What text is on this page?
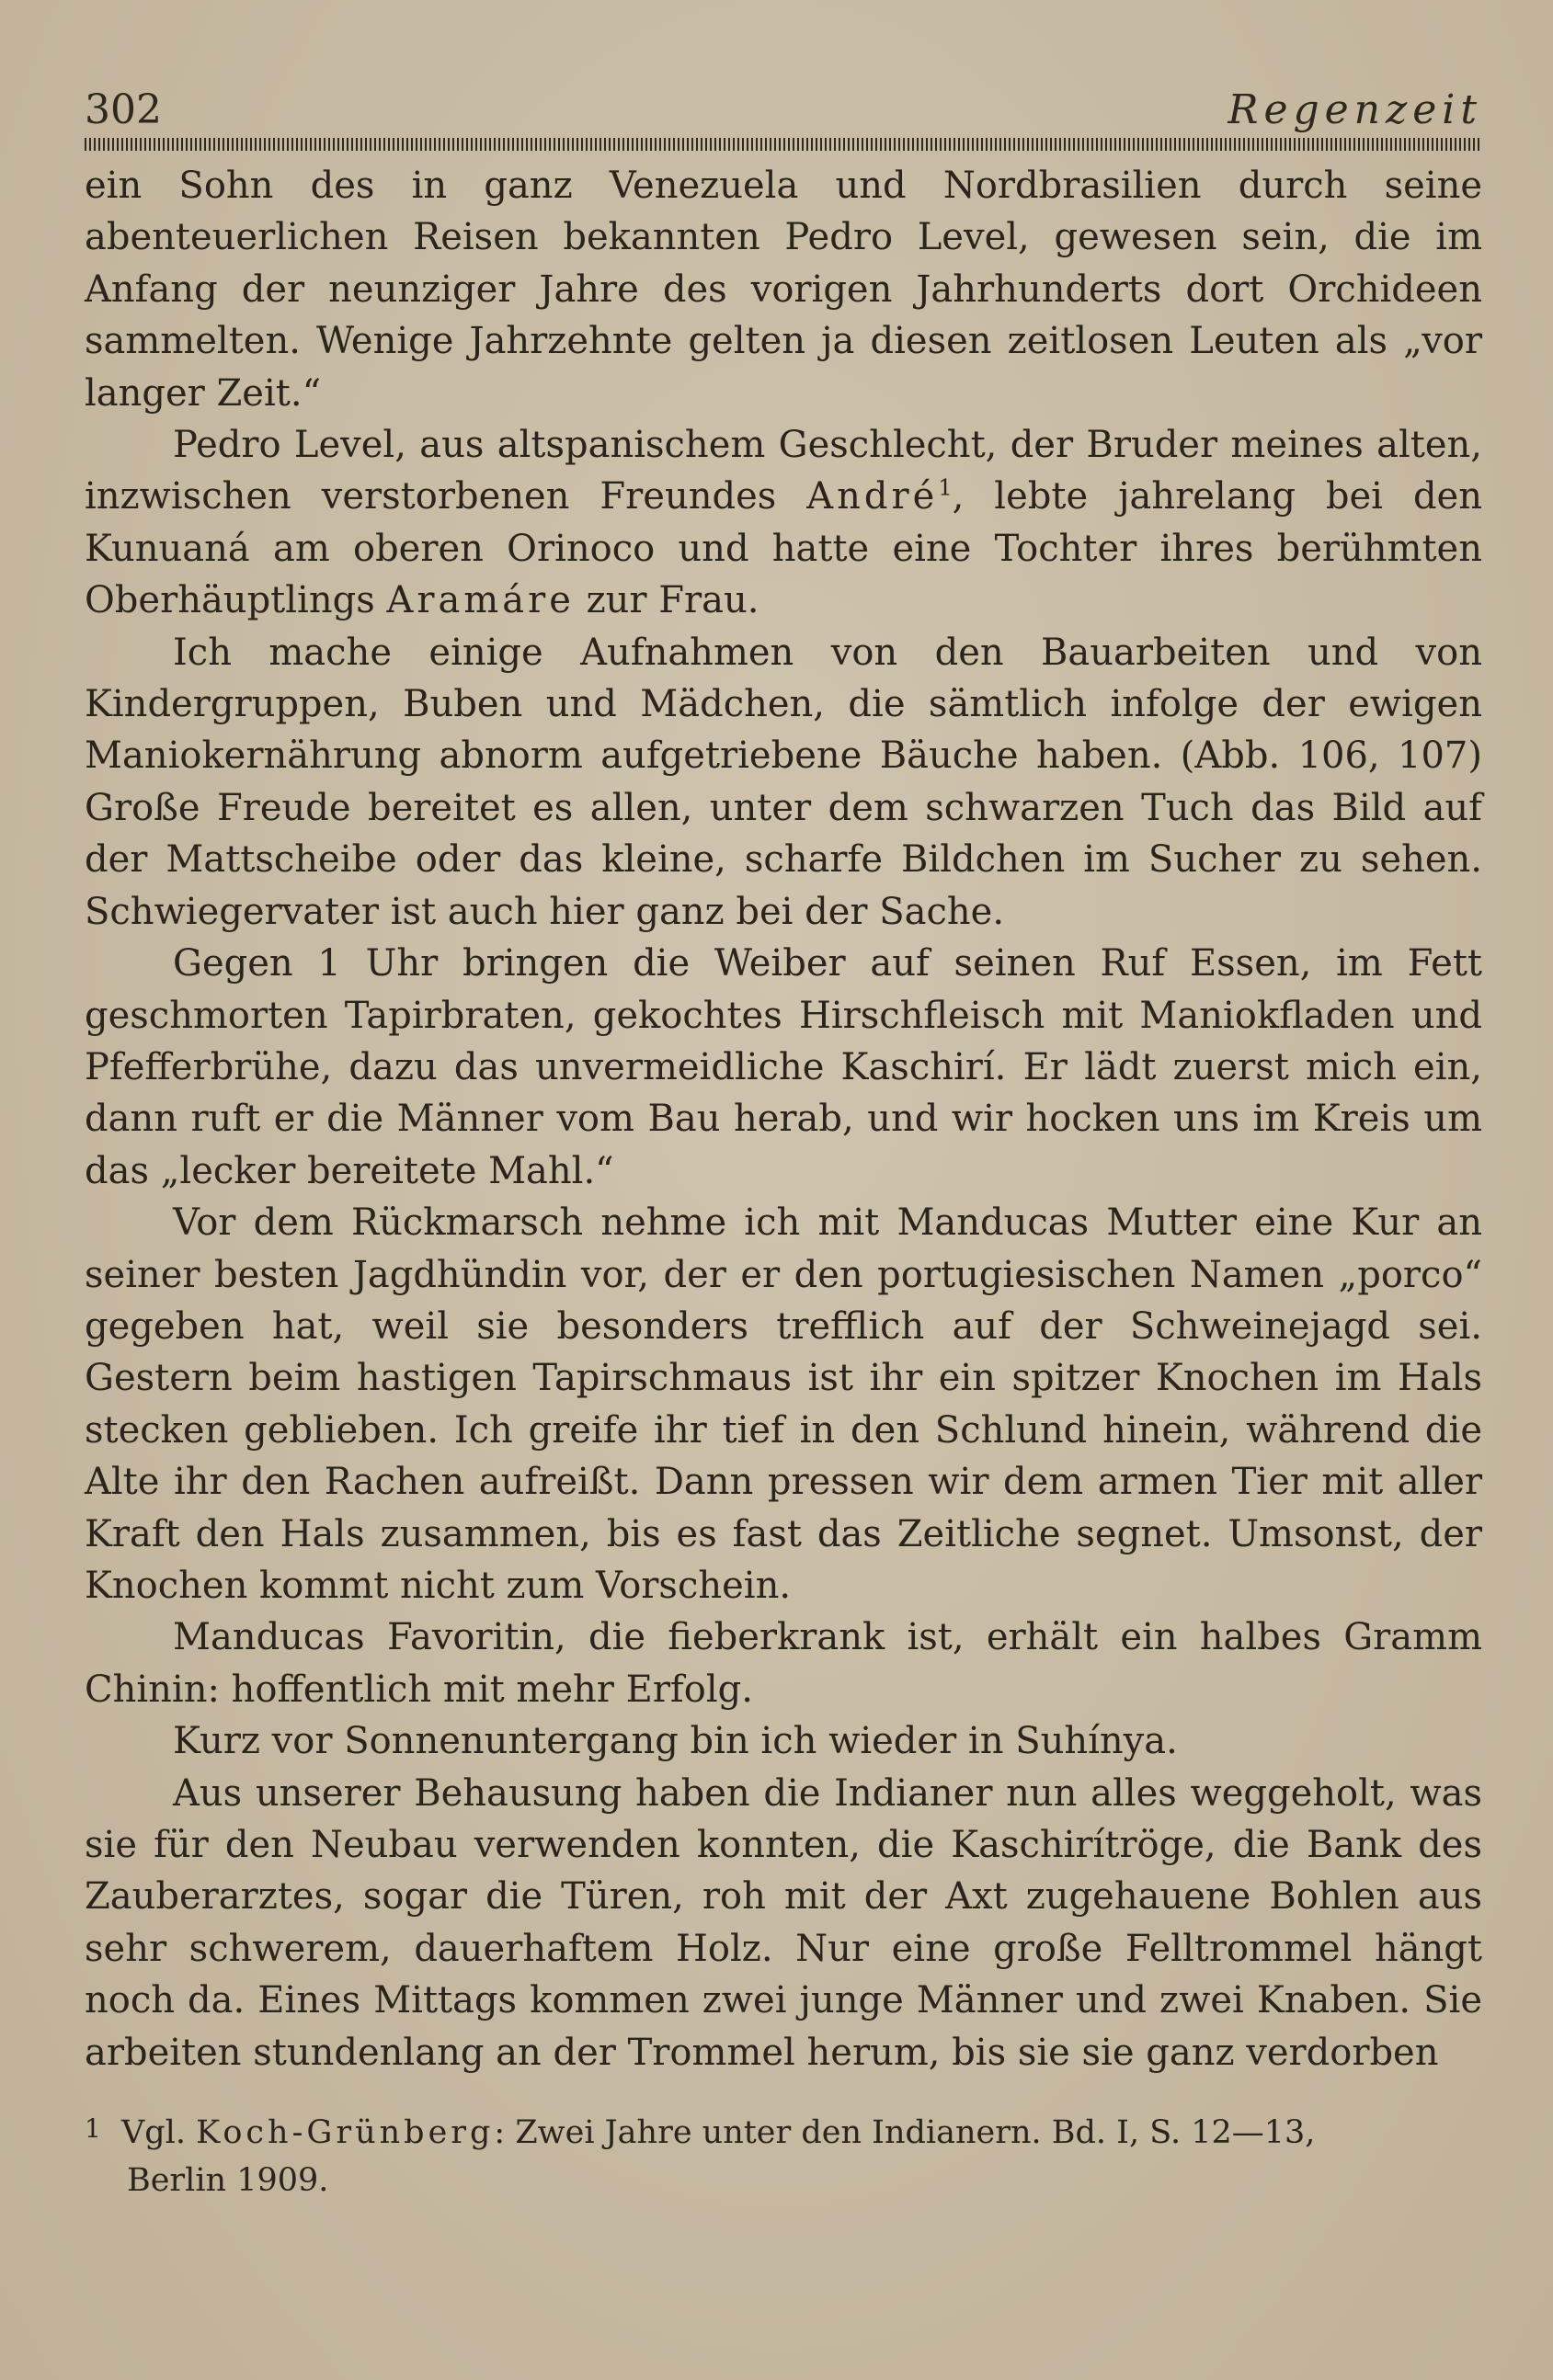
302	Regenzeit

ein Sohn des in ganz Venezuela und Nordbrasilien durch seine abenteuerlichen Reisen bekannten Pedro Level, gewesen sein, die im Anfang der neunziger Jahre des vorigen Jahrhunderts dort Orchideen sammelten. Wenige Jahrzehnte gelten ja diesen zeitlosen Leuten als „vor langer Zeit.“

Pedro Level, aus altspanischem Geschlecht, der Bruder meines alten, inzwischen verstorbenen Freundes André$^1$, lebte jahrelang bei den Kunuaná am oberen Orinoco und hatte eine Tochter ihres berühmten Oberhäuptlings Aramáre zur Frau.

Ich mache einige Aufnahmen von den Bauarbeiten und von Kindergruppen, Buben und Mädchen, die sämtlich infolge der ewigen Maniokernährung abnorm aufgetriebene Bäuche haben. (Abb. 106, 107) Große Freude bereitet es allen, unter dem schwarzen Tuch das Bild auf der Mattscheibe oder das kleine, scharfe Bildchen im Sucher zu sehen. Schwiegervater ist auch hier ganz bei der Sache.

Gegen 1 Uhr bringen die Weiber auf seinen Ruf Essen, im Fett geschmorten Tapirbraten, gekochtes Hirschfleisch mit Maniokfladen und Pfefferbrühe, dazu das unvermeidliche Kaschirí. Er lädt zuerst mich ein, dann ruft er die Männer vom Bau herab, und wir hocken uns im Kreis um das „lecker bereitete Mahl.“

Vor dem Rückmarsch nehme ich mit Manducas Mutter eine Kur an seiner besten Jagdhündin vor, der er den portugiesischen Namen „porco“ gegeben hat, weil sie besonders trefflich auf der Schweinejagd sei. Gestern beim hastigen Tapirschmaus ist ihr ein spitzer Knochen im Hals stecken geblieben. Ich greife ihr tief in den Schlund hinein, während die Alte ihr den Rachen aufreißt. Dann pressen wir dem armen Tier mit aller Kraft den Hals zusammen, bis es fast das Zeitliche segnet. Umsonst, der Knochen kommt nicht zum Vorschein.

Manducas Favoritin, die fieberkrank ist, erhält ein halbes Gramm Chinin: hoffentlich mit mehr Erfolg.

Kurz vor Sonnenuntergang bin ich wieder in Suhínya.

Aus unserer Behausung haben die Indianer nun alles weggeholt, was sie für den Neubau verwenden konnten, die Kaschirítröge, die Bank des Zauberarztes, sogar die Türen, roh mit der Axt zugehauene Bohlen aus sehr schwerem, dauerhaftem Holz. Nur eine große Felltrommel hängt noch da. Eines Mittags kommen zwei junge Männer und zwei Knaben. Sie arbeiten stundenlang an der Trommel herum, bis sie sie ganz verdorben

1 Vgl. Koch-Grünberg: Zwei Jahre unter den Indianern. Bd. I, S. 12—13,
Berlin 1909.
